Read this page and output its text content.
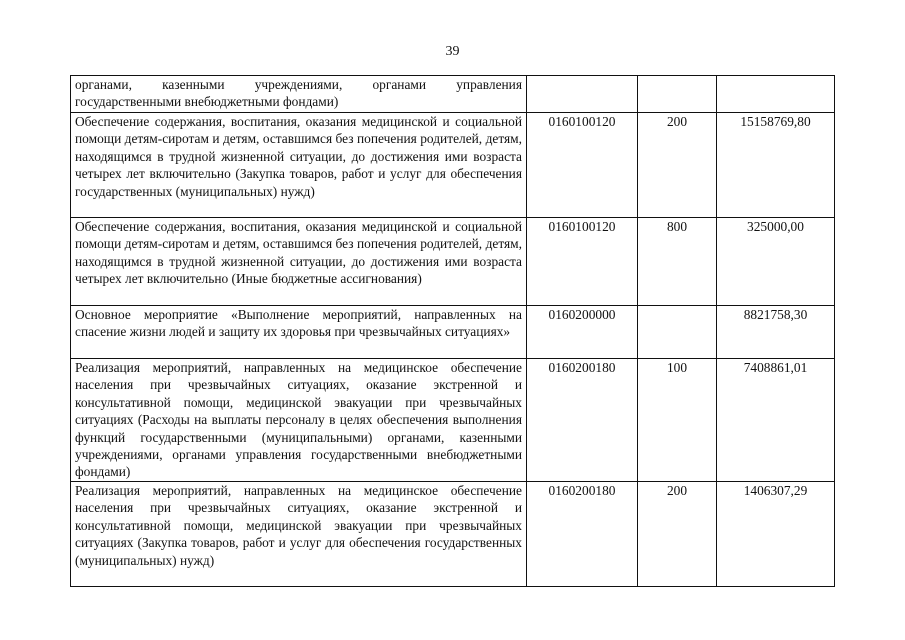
39
органами, казенными учреждениями, органами управления государственными внебюджетными фондами)			
Обеспечение содержания, воспитания, оказания медицинской и социальной помощи детям-сиротам и детям, оставшимся без попечения родителей, детям, находящимся в трудной жизненной ситуации, до достижения ими возраста четырех лет включительно (Закупка товаров, работ и услуг для обеспечения государственных (муниципальных) нужд)	0160100120	200	15158769,80
Обеспечение содержания, воспитания, оказания медицинской и социальной помощи детям-сиротам и детям, оставшимся без попечения родителей, детям, находящимся в трудной жизненной ситуации, до достижения ими возраста четырех лет включительно (Иные бюджетные ассигнования)	0160100120	800	325000,00
Основное мероприятие «Выполнение мероприятий, направленных на спасение жизни людей и защиту их здоровья при чрезвычайных ситуациях»	0160200000		8821758,30
Реализация мероприятий, направленных на медицинское обеспечение населения при чрезвычайных ситуациях, оказание экстренной и консультативной помощи, медицинской эвакуации при чрезвычайных ситуациях (Расходы на выплаты персоналу в целях обеспечения выполнения функций государственными (муниципальными) органами, казенными учреждениями, органами управления государственными внебюджетными фондами)	0160200180	100	7408861,01
Реализация мероприятий, направленных на медицинское обеспечение населения при чрезвычайных ситуациях, оказание экстренной и консультативной помощи, медицинской эвакуации при чрезвычайных ситуациях (Закупка товаров, работ и услуг для обеспечения государственных (муниципальных) нужд)	0160200180	200	1406307,29
